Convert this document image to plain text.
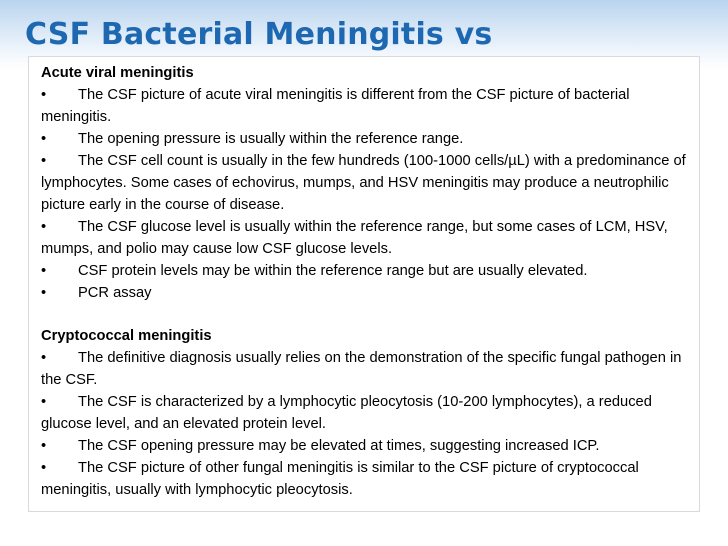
CSF Bacterial Meningitis vs

Acute viral meningitis

• The CSF picture of acute viral meningitis is different from the CSF picture of bacterial meningitis.

• The opening pressure is usually within the reference range.

• The CSF cell count is usually in the few hundreds (100-1000 cells/µL) with a predominance of lymphocytes. Some cases of echovirus, mumps, and HSV meningitis may produce a neutrophilic picture early in the course of disease.

• The CSF glucose level is usually within the reference range, but some cases of LCM, HSV, mumps, and polio may cause low CSF glucose levels.

• CSF protein levels may be within the reference range but are usually elevated.

• PCR assay

Cryptococcal meningitis

• The definitive diagnosis usually relies on the demonstration of the specific fungal pathogen in the CSF.

• The CSF is characterized by a lymphocytic pleocytosis (10-200 lymphocytes), a reduced glucose level, and an elevated protein level.

• The CSF opening pressure may be elevated at times, suggesting increased ICP.

• The CSF picture of other fungal meningitis is similar to the CSF picture of cryptococcal meningitis, usually with lymphocytic pleocytosis.
